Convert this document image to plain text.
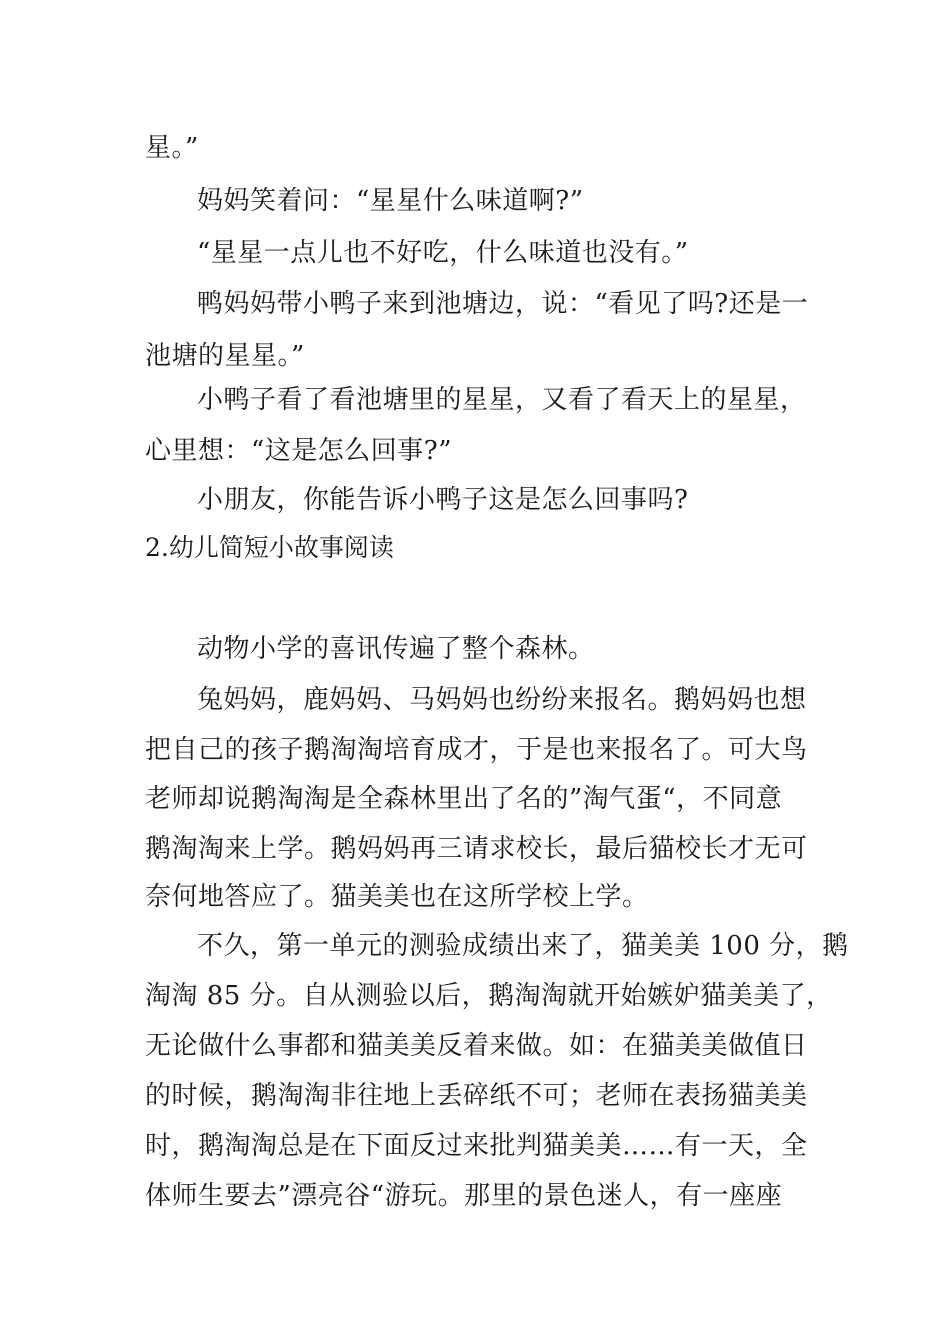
星。”

妈妈笑着问：“星星什么味道啊?”

“星星一点儿也不好吃，什么味道也没有。”

鸭妈妈带小鸭子来到池塘边，说：“看见了吗?还是一

池塘的星星。”

小鸭子看了看池塘里的星星，又看了看天上的星星，

心里想：“这是怎么回事?”

小朋友，你能告诉小鸭子这是怎么回事吗?

2.幼儿简短小故事阅读

动物小学的喜讯传遍了整个森林。

兔妈妈，鹿妈妈、马妈妈也纷纷来报名。鹅妈妈也想

把自己的孩子鹅淘淘培育成才，于是也来报名了。可大鸟

老师却说鹅淘淘是全森林里出了名的”淘气蛋“，不同意

鹅淘淘来上学。鹅妈妈再三请求校长，最后猫校长才无可

奈何地答应了。猫美美也在这所学校上学。

不久，第一单元的测验成绩出来了，猫美美 100 分，鹅

淘淘 85 分。自从测验以后，鹅淘淘就开始嫉妒猫美美了，

无论做什么事都和猫美美反着来做。如：在猫美美做值日

的时候，鹅淘淘非往地上丢碎纸不可；老师在表扬猫美美

时，鹅淘淘总是在下面反过来批判猫美美……有一天，全

体师生要去”漂亮谷“游玩。那里的景色迷人，有一座座
